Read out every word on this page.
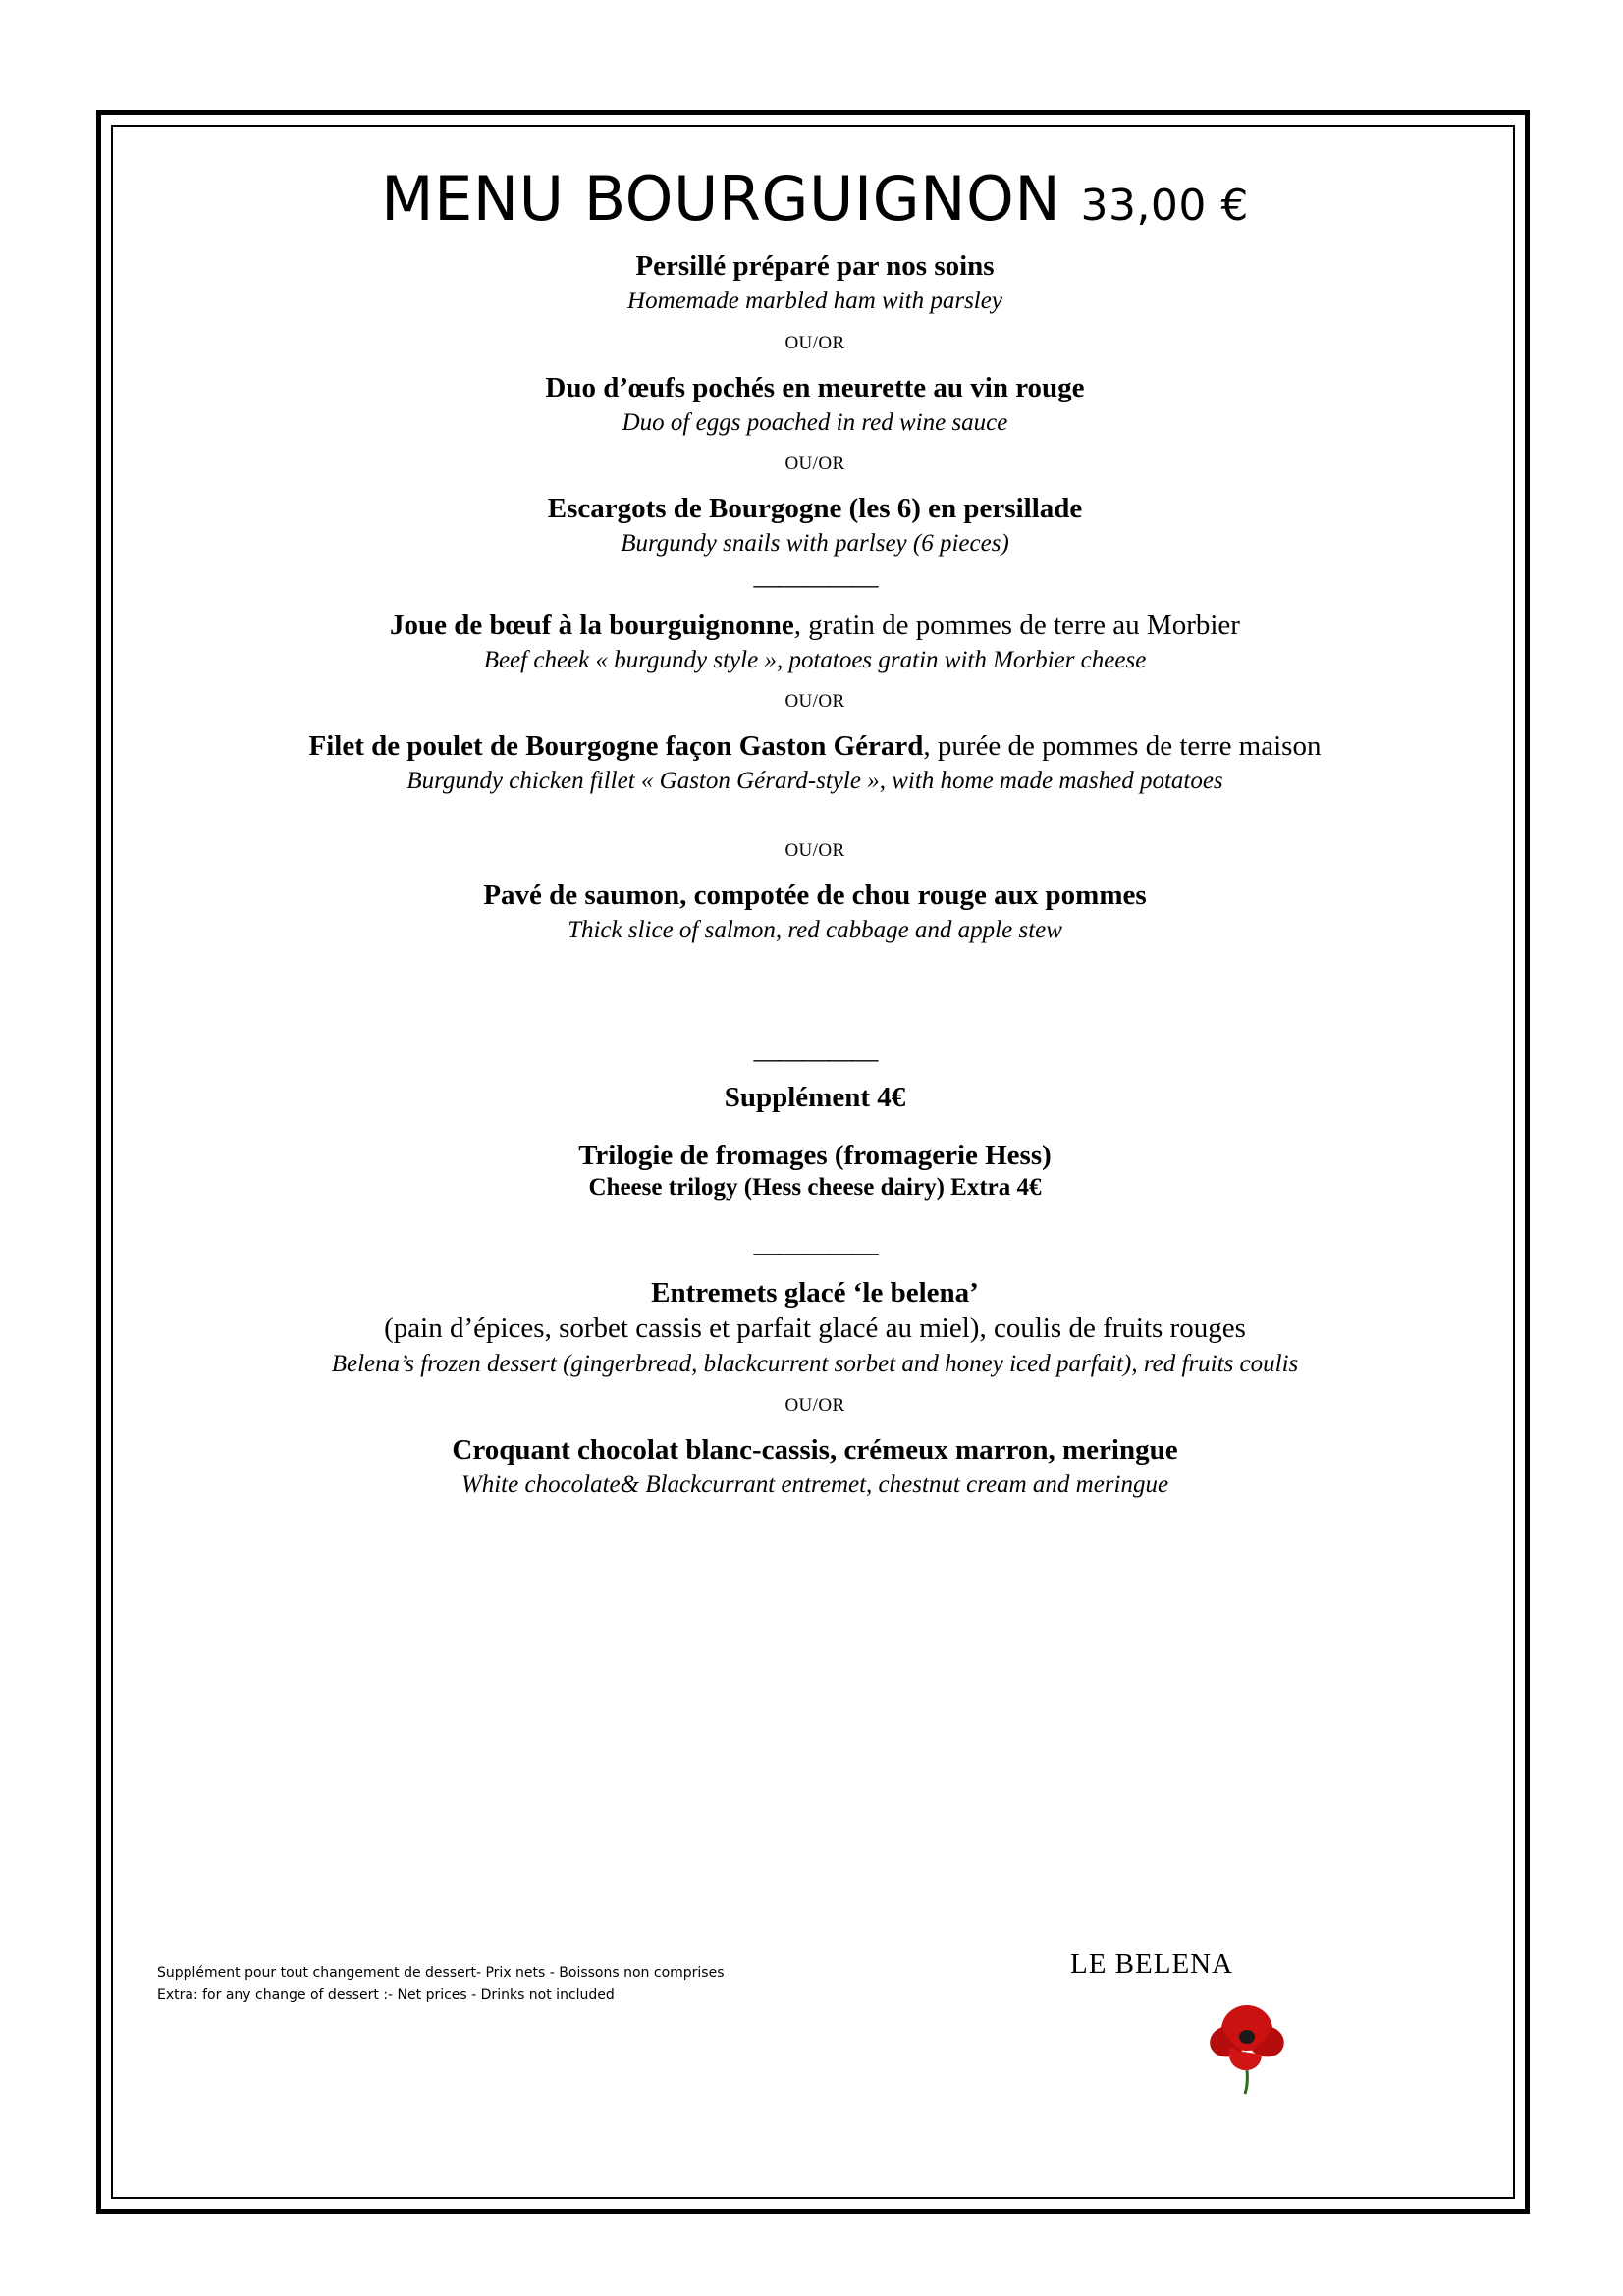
MENU BOURGUIGNON 33,00 €

Persillé préparé par nos soins

Homemade marbled ham with parsley

OU/OR

Duo d’œufs pochés en meurette au vin rouge

Duo of eggs poached in red wine sauce

OU/OR

Escargots de Bourgogne (les 6) en persillade

Burgundy snails with parlsey (6 pieces)

—————

Joue de bœuf à la bourguignonne, gratin de pommes de terre au Morbier

Beef cheek « burgundy style », potatoes gratin with Morbier cheese

OU/OR

Filet de poulet de Bourgogne façon Gaston Gérard, purée de pommes de terre maison

Burgundy chicken fillet « Gaston Gérard-style », with home made mashed potatoes

OU/OR

Pavé de saumon, compotée de chou rouge aux pommes

Thick slice of salmon, red cabbage and apple stew

—————

Supplément 4€

Trilogie de fromages (fromagerie Hess)

Cheese trilogy (Hess cheese dairy) Extra 4€

—————

Entremets glacé ‘le belena’

(pain d’épices, sorbet cassis et parfait glacé au miel), coulis de fruits rouges

Belena’s frozen dessert (gingerbread, blackcurrent sorbet and honey iced parfait), red fruits coulis

OU/OR

Croquant chocolat blanc-cassis, crémeux marron, meringue

White chocolate& Blackcurrant entremet, chestnut cream and meringue

Supplément pour tout changement de dessert- Prix nets - Boissons non comprises

Extra: for any change of dessert :- Net prices - Drinks not included

LE BELENA
